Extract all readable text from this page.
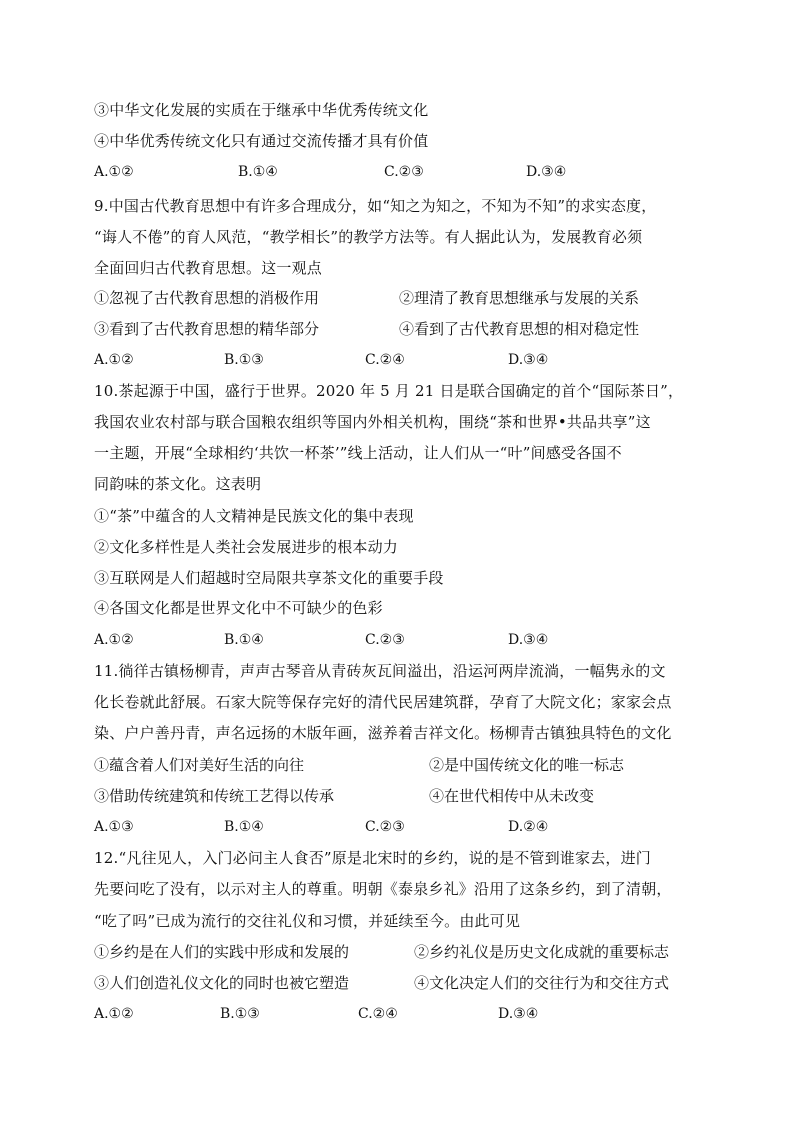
③中华文化发展的实质在于继承中华优秀传统文化
④中华优秀传统文化只有通过交流传播才具有价值
A.①②	B.①④	C.②③	D.③④
9.中国古代教育思想中有许多合理成分，如“知之为知之，不知为不知”的求实态度，
“诲人不倦”的育人风范，“教学相长”的教学方法等。有人据此认为，发展教育必须
全面回归古代教育思想。这一观点
①忽视了古代教育思想的消极作用	②理清了教育思想继承与发展的关系
③看到了古代教育思想的精华部分	④看到了古代教育思想的相对稳定性
A.①②	B.①③	C.②④	D.③④
10.茶起源于中国，盛行于世界。2020 年 5 月 21 日是联合国确定的首个“国际茶日”，
我国农业农村部与联合国粮农组织等国内外相关机构，围绕“茶和世界•共品共享”这
一主题，开展“全球相约‘共饮一杯茶’”线上活动，让人们从一“叶”间感受各国不
同韵味的茶文化。这表明
①“茶”中蕴含的人文精神是民族文化的集中表现
②文化多样性是人类社会发展进步的根本动力
③互联网是人们超越时空局限共享茶文化的重要手段
④各国文化都是世界文化中不可缺少的色彩
A.①②	B.①④	C.②③	D.③④
11.徜徉古镇杨柳青，声声古琴音从青砖灰瓦间溢出，沿运河两岸流淌，一幅隽永的文
化长卷就此舒展。石家大院等保存完好的清代民居建筑群，孕育了大院文化；家家会点
染、户户善丹青，声名远扬的木版年画，滋养着吉祥文化。杨柳青古镇独具特色的文化
①蕴含着人们对美好生活的向往	②是中国传统文化的唯一标志
③借助传统建筑和传统工艺得以传承	④在世代相传中从未改变
A.①③	B.①④	C.②③	D.②④
12.“凡往见人，入门必问主人食否”原是北宋时的乡约，说的是不管到谁家去，进门
先要问吃了没有，以示对主人的尊重。明朝《泰泉乡礼》沿用了这条乡约，到了清朝，
“吃了吗”已成为流行的交往礼仪和习惯，并延续至今。由此可见
①乡约是在人们的实践中形成和发展的	②乡约礼仪是历史文化成就的重要标志
③人们创造礼仪文化的同时也被它塑造	④文化决定人们的交往行为和交往方式
A.①②	B.①③	C.②④	D.③④
